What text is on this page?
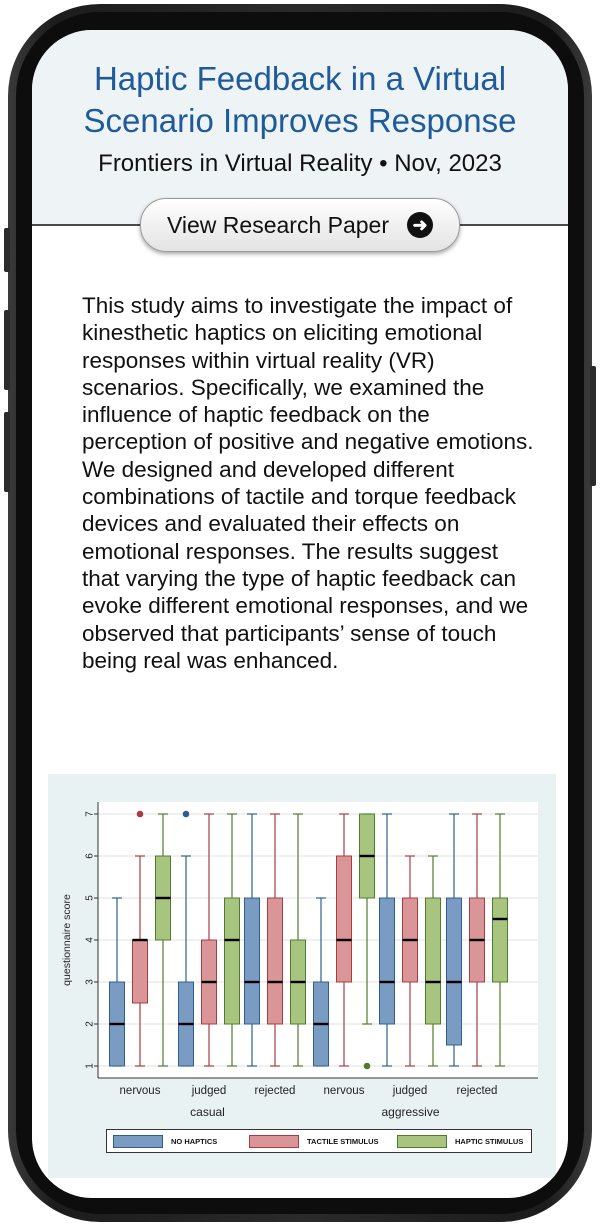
Haptic Feedback in a Virtual Scenario Improves Response
Frontiers in Virtual Reality • Nov, 2023
View Research Paper	➜
This study aims to investigate the impact of kinesthetic haptics on eliciting emotional responses within virtual reality (VR) scenarios. Specifically, we examined the influence of haptic feedback on the perception of positive and negative emotions. We designed and developed different combinations of tactile and torque feedback devices and evaluated their effects on emotional responses. The results suggest that varying the type of haptic feedback can evoke different emotional responses, and we observed that participants’ sense of touch being real was enhanced.
1
2
3
4
5
6
7
questionnaire score
nervous	judged rejected
casual
nervous judged	rejected
aggressive
NO HAPTICS	TACTILE STIMULUS	HAPTIC STIMULUS
